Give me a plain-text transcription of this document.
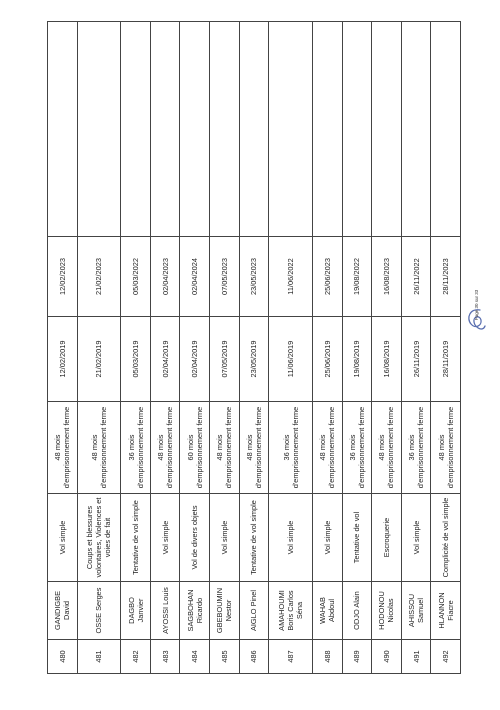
480	GANDIGBE David	Vol simple	48 mois d'emprisonnement ferme	12/02/2019	12/02/2023	
481	OSSE Serges	Coups et blessures volontaires, Violences et voies de fait	48 mois d'emprisonnement ferme	21/02/2019	21/02/2023	
482	DAGBO Janvier	Tentative de vol simple	36 mois d'emprisonnement ferme	05/03/2019	05/03/2022	
483	AYOSSI Louis	Vol simple	48 mois d'emprisonnement ferme	02/04/2019	02/04/2023	
484	SAGBOHAN Ricardo	Vol de divers objets	60 mois d'emprisonnement ferme	02/04/2019	02/04/2024	
485	GBEBOUMIN Nestor	Vol simple	48 mois d'emprisonnement ferme	07/05/2019	07/05/2023	
486	AIGLO Pinel	Tentative de vol simple	48 mois d'emprisonnement ferme	23/05/2019	23/05/2023	
487	AMAHOUMI Boris Carlos Séna	Vol simple	36 mois d'emprisonnement ferme	11/06/2019	11/06/2022	
488	WAHAB Abdoul	Vol simple	48 mois d'emprisonnement ferme	25/06/2019	25/06/2023	
489	ODJO Alain	Tentative de vol	36 mois d'emprisonnement ferme	19/08/2019	19/08/2022	
490	HODONOU Nicolas	Escroquerie	48 mois d'emprisonnement ferme	16/08/2019	16/08/2023	
491	AHISSOU Samuel	Vol simple	36 mois d'emprisonnement ferme	26/11/2019	26/11/2022	
492	HLANNON Fiacre	Complicité de vol simple	48 mois d'emprisonnement ferme	28/11/2019	28/11/2023	
Page 30 sur 33
